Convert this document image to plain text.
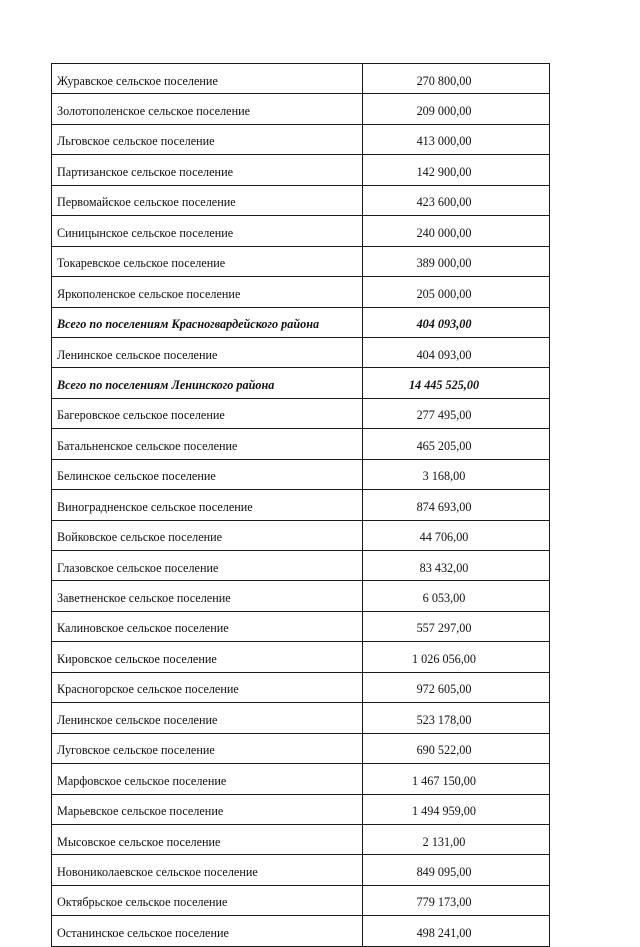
Журавское сельское поселение	270 800,00
Золотополенское сельское поселение	209 000,00
Льговское сельское поселение	413 000,00
Партизанское сельское поселение	142 900,00
Первомайское сельское поселение	423 600,00
Синицынское сельское поселение	240 000,00
Токаревское сельское поселение	389 000,00
Яркополенское сельское поселение	205 000,00
Всего по поселениям Красногвардейского района	404 093,00
Ленинское сельское поселение	404 093,00
Всего по поселениям Ленинского района	14 445 525,00
Багеровское сельское поселение	277 495,00
Батальненское сельское поселение	465 205,00
Белинское сельское поселение	3 168,00
Виноградненское сельское поселение	874 693,00
Войковское сельское поселение	44 706,00
Глазовское сельское поселение	83 432,00
Заветненское сельское поселение	6 053,00
Калиновское сельское поселение	557 297,00
Кировское сельское поселение	1 026 056,00
Красногорское сельское поселение	972 605,00
Ленинское сельское поселение	523 178,00
Луговское сельское поселение	690 522,00
Марфовское сельское поселение	1 467 150,00
Марьевское сельское поселение	1 494 959,00
Мысовское сельское поселение	2 131,00
Новониколаевское сельское поселение	849 095,00
Октябрьское сельское поселение	779 173,00
Останинское сельское поселение	498 241,00
